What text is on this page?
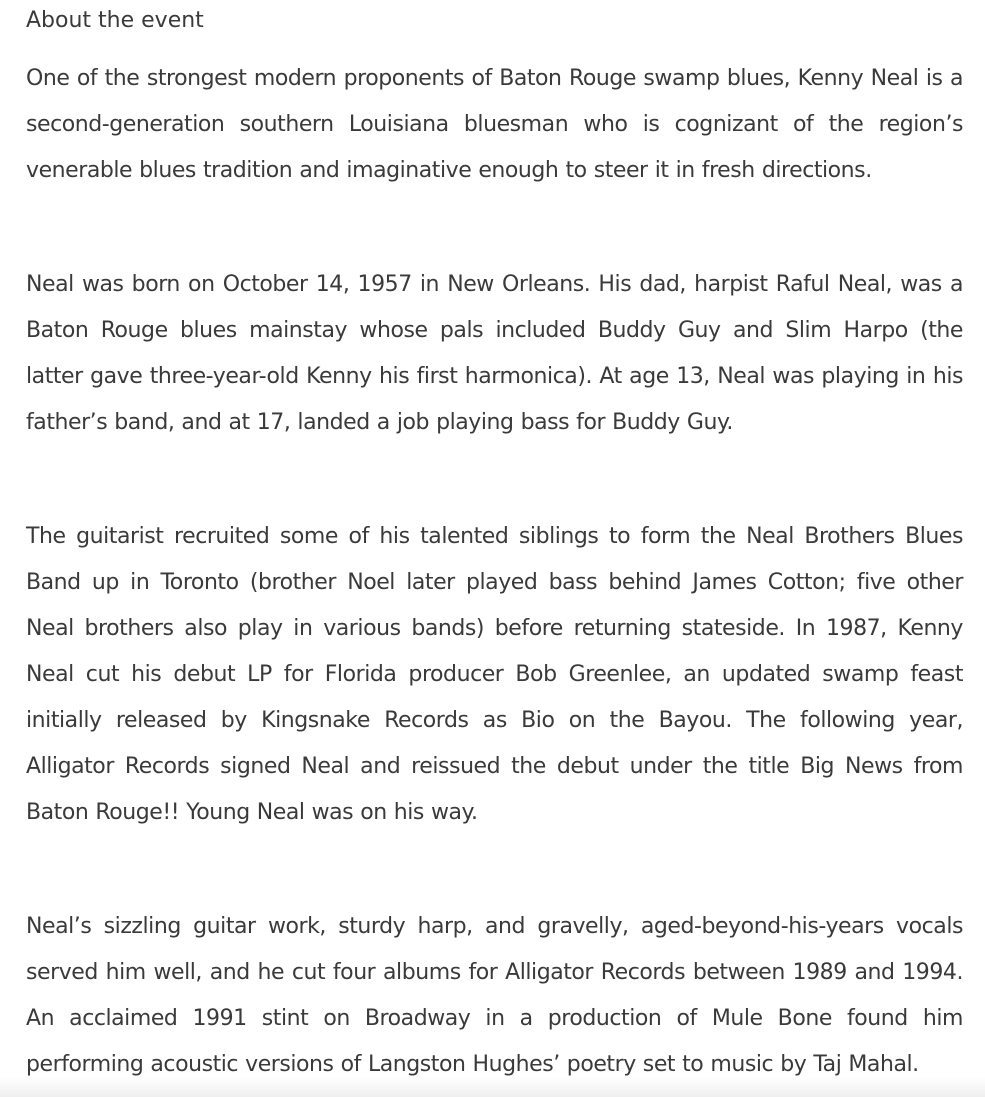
About the event

One of the strongest modern proponents of Baton Rouge swamp blues, Kenny Neal is a second-generation southern Louisiana bluesman who is cognizant of the region’s venerable blues tradition and imaginative enough to steer it in fresh directions.

Neal was born on October 14, 1957 in New Orleans. His dad, harpist Raful Neal, was a Baton Rouge blues mainstay whose pals included Buddy Guy and Slim Harpo (the latter gave three-year-old Kenny his first harmonica). At age 13, Neal was playing in his father’s band, and at 17, landed a job playing bass for Buddy Guy.

The guitarist recruited some of his talented siblings to form the Neal Brothers Blues Band up in Toronto (brother Noel later played bass behind James Cotton; five other Neal brothers also play in various bands) before returning stateside. In 1987, Kenny Neal cut his debut LP for Florida producer Bob Greenlee, an updated swamp feast initially released by Kingsnake Records as Bio on the Bayou. The following year, Alligator Records signed Neal and reissued the debut under the title Big News from Baton Rouge!! Young Neal was on his way.

Neal’s sizzling guitar work, sturdy harp, and gravelly, aged-beyond-his-years vocals served him well, and he cut four albums for Alligator Records between 1989 and 1994. An acclaimed 1991 stint on Broadway in a production of Mule Bone found him performing acoustic versions of Langston Hughes’ poetry set to music by Taj Mahal.
